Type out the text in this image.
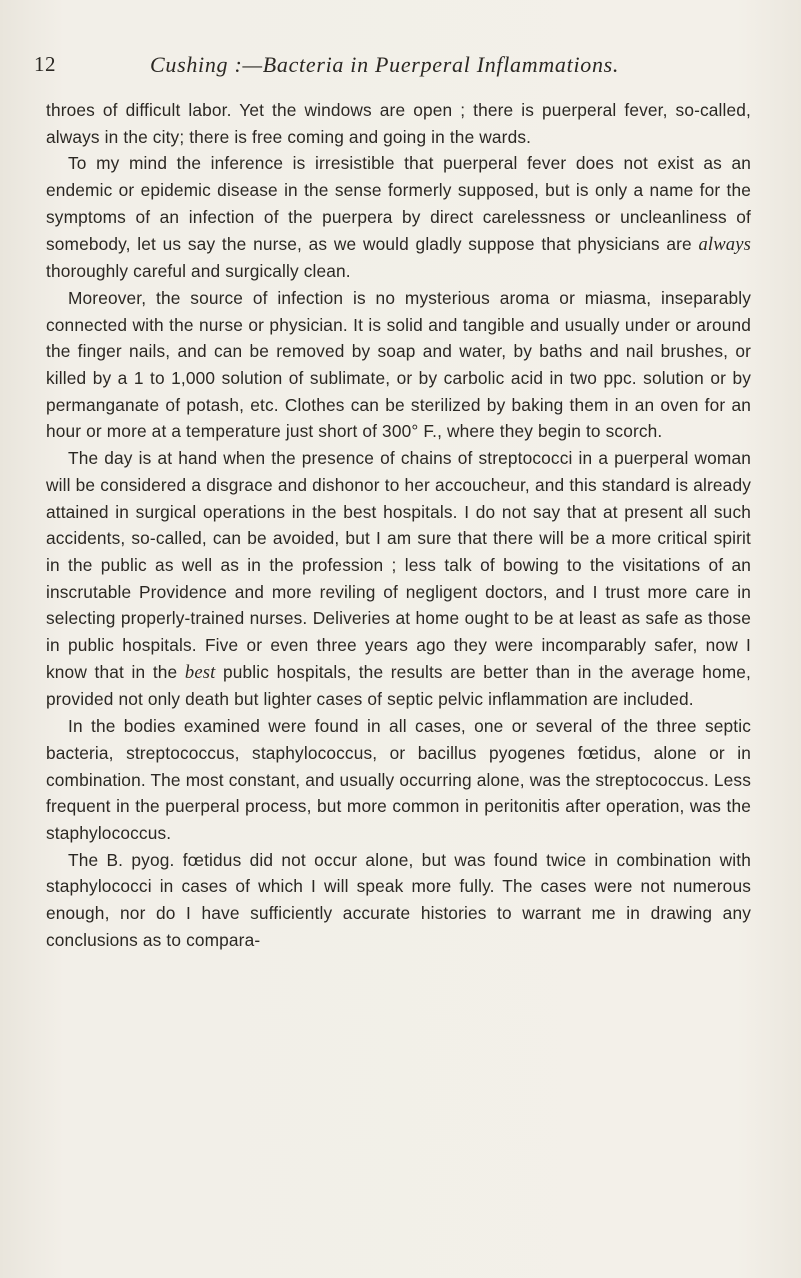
12	Cushing :—Bacteria in Puerperal Inflammations.

throes of difficult labor. Yet the windows are open ; there is puerperal fever, so-called, always in the city; there is free coming and going in the wards.

To my mind the inference is irresistible that puerperal fever does not exist as an endemic or epidemic disease in the sense formerly supposed, but is only a name for the symptoms of an infection of the puerpera by direct carelessness or uncleanliness of somebody, let us say the nurse, as we would gladly suppose that physicians are always thoroughly careful and surgically clean.

Moreover, the source of infection is no mysterious aroma or miasma, inseparably connected with the nurse or physician. It is solid and tangible and usually under or around the finger nails, and can be removed by soap and water, by baths and nail brushes, or killed by a 1 to 1,000 solution of sublimate, or by carbolic acid in two ppc. solution or by permanganate of potash, etc. Clothes can be sterilized by baking them in an oven for an hour or more at a temperature just short of 300° F., where they begin to scorch.

The day is at hand when the presence of chains of streptococci in a puerperal woman will be considered a disgrace and dishonor to her accoucheur, and this standard is already attained in surgical operations in the best hospitals. I do not say that at present all such accidents, so-called, can be avoided, but I am sure that there will be a more critical spirit in the public as well as in the profession ; less talk of bowing to the visitations of an inscrutable Providence and more reviling of negligent doctors, and I trust more care in selecting properly-trained nurses. Deliveries at home ought to be at least as safe as those in public hospitals. Five or even three years ago they were incomparably safer, now I know that in the best public hospitals, the results are better than in the average home, provided not only death but lighter cases of septic pelvic inflammation are included.

In the bodies examined were found in all cases, one or several of the three septic bacteria, streptococcus, staphylococcus, or bacillus pyogenes fœtidus, alone or in combination. The most constant, and usually occurring alone, was the streptococcus. Less frequent in the puerperal process, but more common in peritonitis after operation, was the staphylococcus.

The B. pyog. fœtidus did not occur alone, but was found twice in combination with staphylococci in cases of which I will speak more fully. The cases were not numerous enough, nor do I have sufficiently accurate histories to warrant me in drawing any conclusions as to compara-
